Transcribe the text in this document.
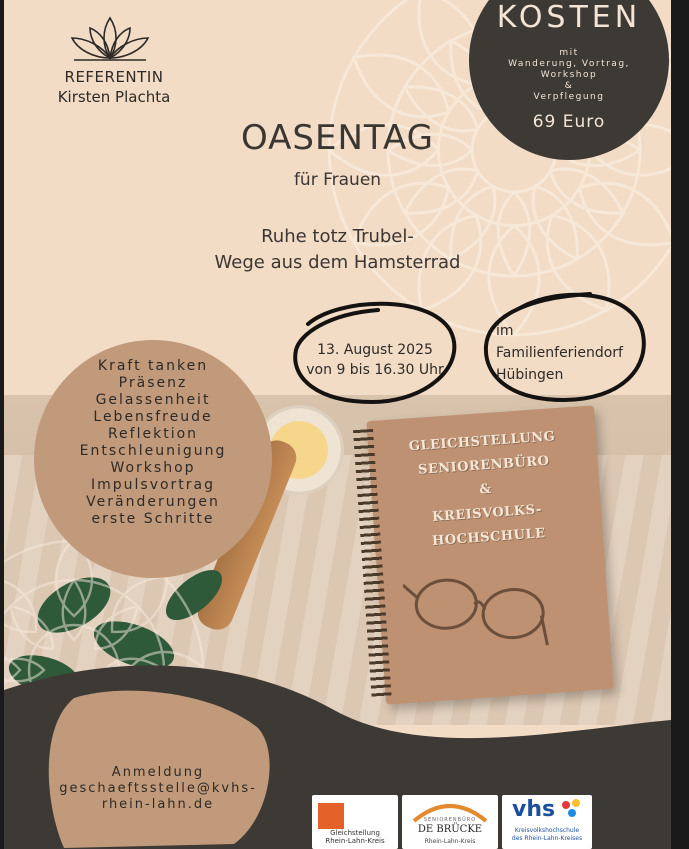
GLEICHSTELLUNG
SENIORENBÜRO
&
KREISVOLKS-
HOCHSCHULE
REFERENTIN
Kirsten Plachta
KOSTEN
mit
Wanderung, Vortrag,
Workshop
&
Verpflegung
69 Euro
OASENTAG
für Frauen
Ruhe totz Trubel-
Wege aus dem Hamsterrad
13. August 2025
von 9 bis 16.30 Uhr
im
Familienferiendorf
Hübingen
Kraft tanken
Präsenz
Gelassenheit
Lebensfreude
Reflektion
Entschleunigung
Workshop
Impulsvortrag
Veränderungen
erste Schritte
Anmeldung
geschaeftsstelle@kvhs-
rhein-lahn.de
Gleichstellung
Rhein-Lahn-Kreis
SENIORENBÜRO
DE BRÜCKE
Rhein-Lahn-Kreis
vhs
Kreisvolkshochschule
des Rhein-Lahn-Kreises
